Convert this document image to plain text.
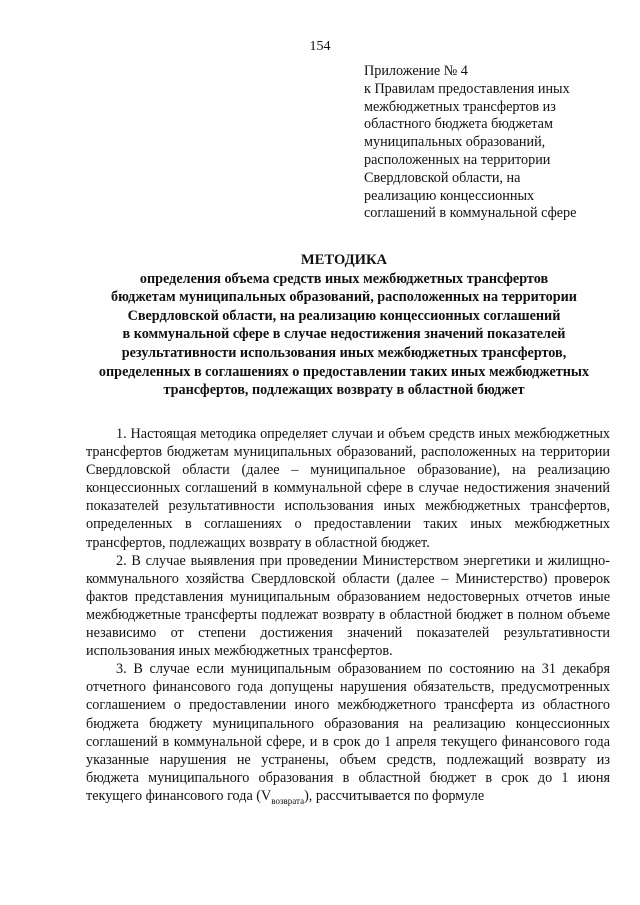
154
Приложение № 4
к Правилам предоставления иных
межбюджетных трансфертов из
областного бюджета бюджетам
муниципальных образований,
расположенных на территории
Свердловской области, на
реализацию концессионных
соглашений в коммунальной сфере
МЕТОДИКА
определения объема средств иных межбюджетных трансфертов
бюджетам муниципальных образований, расположенных на территории
Свердловской области, на реализацию концессионных соглашений
в коммунальной сфере в случае недостижения значений показателей
результативности использования иных межбюджетных трансфертов,
определенных в соглашениях о предоставлении таких иных межбюджетных
трансфертов, подлежащих возврату в областной бюджет

1. Настоящая методика определяет случаи и объем средств иных межбюджетных трансфертов бюджетам муниципальных образований, расположенных на территории Свердловской области (далее – муниципальное образование), на реализацию концессионных соглашений в коммунальной сфере в случае недостижения значений показателей результативности использования иных межбюджетных трансфертов, определенных в соглашениях о предоставлении таких иных межбюджетных трансфертов, подлежащих возврату в областной бюджет.

2. В случае выявления при проведении Министерством энергетики и жилищно-коммунального хозяйства Свердловской области (далее – Министерство) проверок фактов представления муниципальным образованием недостоверных отчетов иные межбюджетные трансферты подлежат возврату в областной бюджет в полном объеме независимо от степени достижения значений показателей результативности использования иных межбюджетных трансфертов.

3. В случае если муниципальным образованием по состоянию на 31 декабря отчетного финансового года допущены нарушения обязательств, предусмотренных соглашением о предоставлении иного межбюджетного трансферта из областного бюджета бюджету муниципального образования на реализацию концессионных соглашений в коммунальной сфере, и в срок до 1 апреля текущего финансового года указанные нарушения не устранены, объем средств, подлежащий возврату из бюджета муниципального образования в областной бюджет в срок до 1 июня текущего финансового года $(V_{возврата})$, рассчитывается по формуле
